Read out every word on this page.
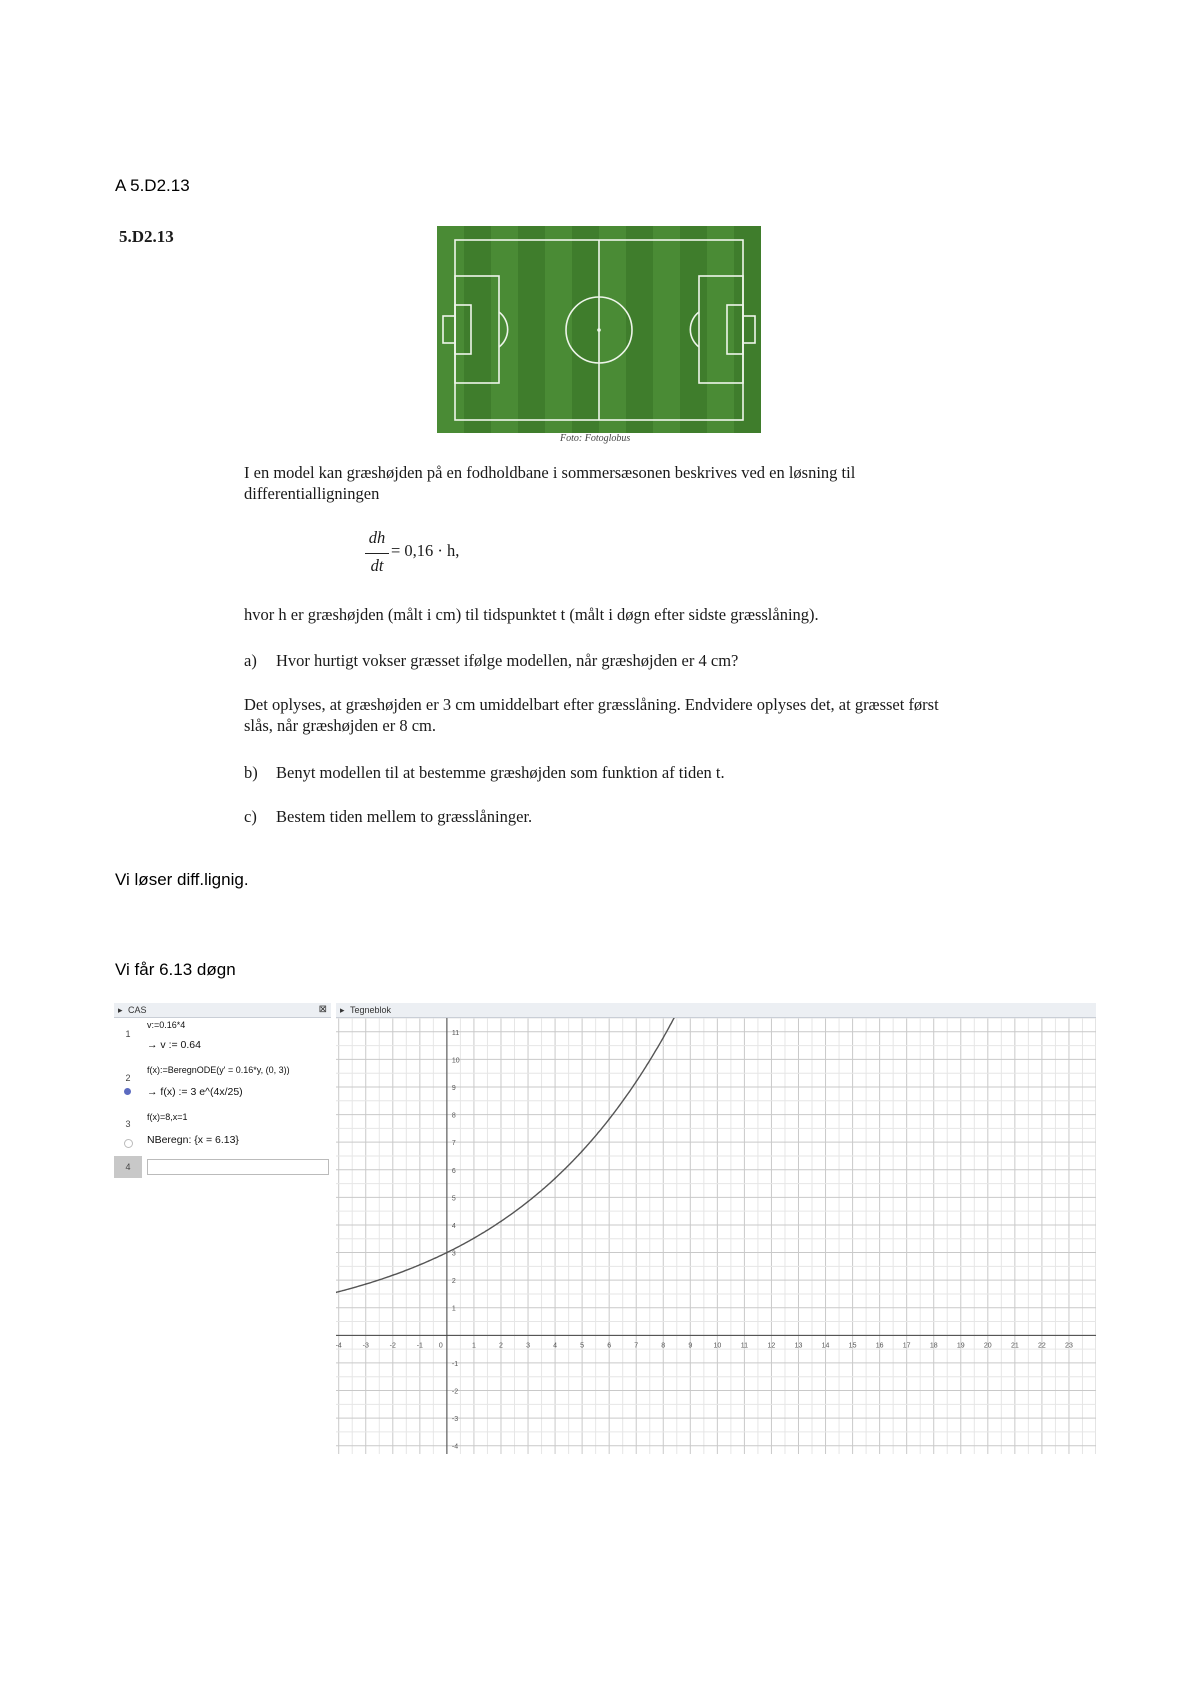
A 5.D2.13
5.D2.13
Foto: Fotoglobus
I en model kan græshøjden på en fodholdbane i sommersæsonen beskrives ved en løsning til differentialligningen
dh
dt
= 0,16 · h,
hvor h er græshøjden (målt i cm) til tidspunktet t (målt i døgn efter sidste græsslåning).
a) Hvor hurtigt vokser græsset ifølge modellen, når græshøjden er 4 cm?
Det oplyses, at græshøjden er 3 cm umiddelbart efter græsslåning. Endvidere oplyses det, at græsset først slås, når græshøjden er 8 cm.
b) Benyt modellen til at bestemme græshøjden som funktion af tiden t.
c) Bestem tiden mellem to græsslåninger.
Vi løser diff.lignig.
Vi får 6.13 døgn
▸ CAS	⊠
1
v:=0.16*4
→ v := 0.64
2
f(x):=BeregnODE(y' = 0.16*y, (0, 3))
→ f(x) := 3 e^(4x/25)
3
f(x)=8,x=1
NBeregn: {x = 6.13}
4
▸ Tegneblok
-4	-3	-2	-1	1	2	3	4	5	6	7	8	9	10	11	12	13	14	15	16	17	18	19	20	21	22	23
-4
-3
-2
-1
1
2
3
4
5
6
7
8
9
10
11
0
